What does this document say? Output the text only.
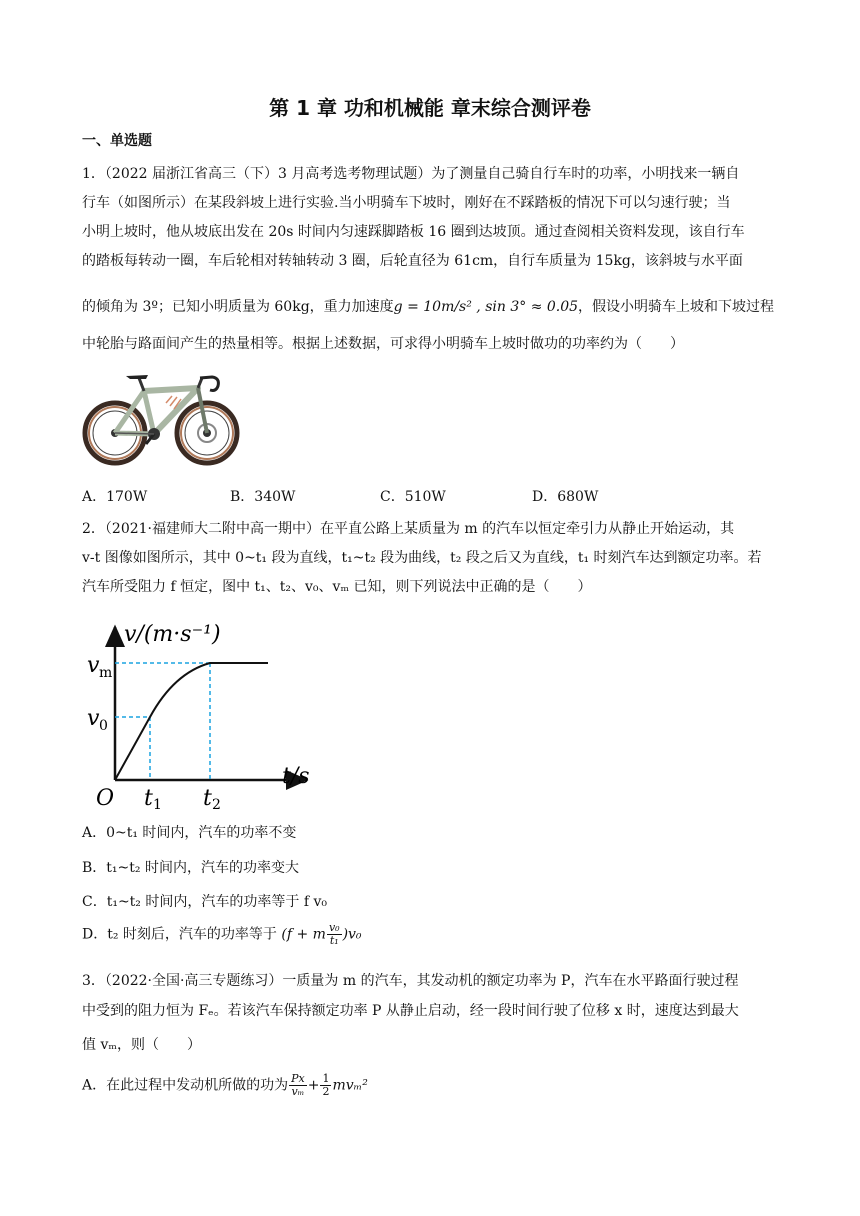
第 1 章 功和机械能 章末综合测评卷
一、单选题
1．（2022 届浙江省高三（下）3 月高考选考物理试题）为了测量自己骑自行车时的功率，小明找来一辆自
行车（如图所示）在某段斜坡上进行实验.当小明骑车下坡时，刚好在不踩踏板的情况下可以匀速行驶；当
小明上坡时，他从坡底出发在 20s 时间内匀速踩脚踏板 16 圈到达坡顶。通过查阅相关资料发现，该自行车
的踏板每转动一圈，车后轮相对转轴转动 3 圈，后轮直径为 61cm，自行车质量为 15kg，该斜坡与水平面
的倾角为 3º；已知小明质量为 60kg，重力加速度g = 10m/s² , sin 3° ≈ 0.05，假设小明骑车上坡和下坡过程
中轮胎与路面间产生的热量相等。根据上述数据，可求得小明骑车上坡时做功的功率约为（　　）
A．170W	B．340W	C．510W	D．680W
2．（2021·福建师大二附中高一期中）在平直公路上某质量为 m 的汽车以恒定牵引力从静止开始运动，其
v-t 图像如图所示，其中 0~t₁ 段为直线，t₁~t₂ 段为曲线，t₂ 段之后又为直线，t₁ 时刻汽车达到额定功率。若
汽车所受阻力 f 恒定，图中 t₁、t₂、v₀、vₘ 已知，则下列说法中正确的是（　　）
v/(m·s⁻¹)
t/s
O
v m
v 0
t 1 t 2
A．0~t₁ 时间内，汽车的功率不变
B．t₁~t₂ 时间内，汽车的功率变大
C．t₁~t₂ 时间内，汽车的功率等于 f v₀
D．t₂ 时刻后，汽车的功率等于 (f + m $\frac{\text{v₀}}{\text{t₁}} )v_0$
3．（2022·全国·高三专题练习）一质量为 m 的汽车，其发动机的额定功率为 P，汽车在水平路面行驶过程
中受到的阻力恒为 Fₑ。若该汽车保持额定功率 P 从静止启动，经一段时间行驶了位移 x 时，速度达到最大
值 vₘ，则（　　）
A．在此过程中发动机所做的功为 $\frac{Px}{\text{vₘ}} + \frac{1}{2} mv_m^2$
